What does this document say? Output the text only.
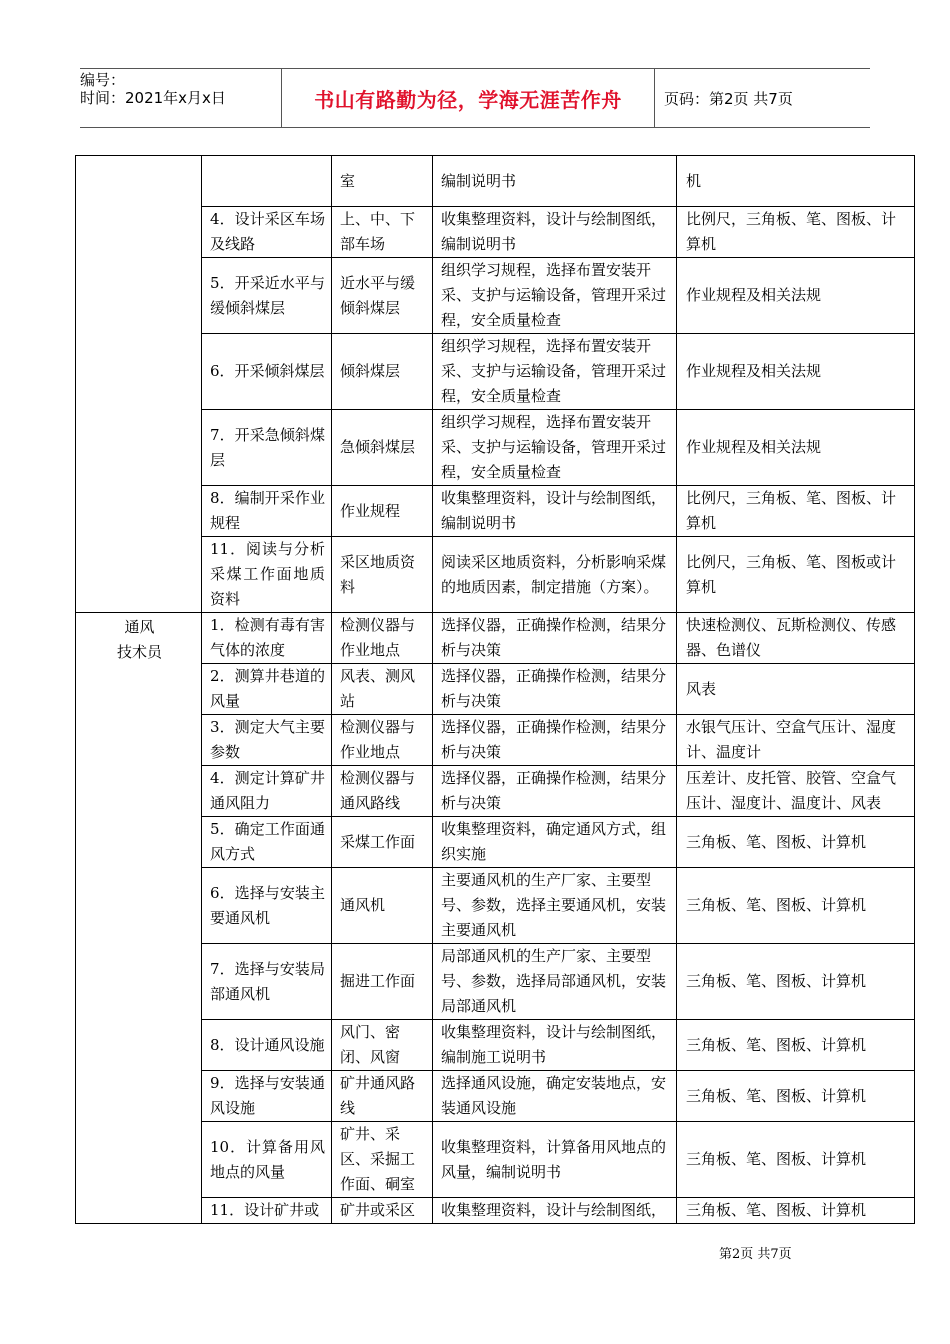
编号：
时间：2021年x月x日	书山有路勤为径，学海无涯苦作舟	页码：第2页 共7页

		室	编制说明书	机

	4．设计采区车场及线路	上、中、下部车场	收集整理资料，设计与绘制图纸，编制说明书	比例尺，三角板、笔、图板、计算机

	5．开采近水平与缓倾斜煤层	近水平与缓倾斜煤层	组织学习规程，选择布置安装开采、支护与运输设备，管理开采过程，安全质量检查	作业规程及相关法规

	6．开采倾斜煤层	倾斜煤层	组织学习规程，选择布置安装开采、支护与运输设备，管理开采过程，安全质量检查	作业规程及相关法规

	7．开采急倾斜煤层	急倾斜煤层	组织学习规程，选择布置安装开采、支护与运输设备，管理开采过程，安全质量检查	作业规程及相关法规

	8．编制开采作业规程	作业规程	收集整理资料，设计与绘制图纸，编制说明书	比例尺，三角板、笔、图板、计算机

	11．阅读与分析采煤工作面地质资料	采区地质资料	阅读采区地质资料，分析影响采煤的地质因素，制定措施（方案）。	比例尺，三角板、笔、图板或计算机

通风
技术员	1．检测有毒有害气体的浓度	检测仪器与作业地点	选择仪器，正确操作检测，结果分析与决策	快速检测仪、瓦斯检测仪、传感器、色谱仪

	2．测算井巷道的风量	风表、测风站	选择仪器，正确操作检测，结果分析与决策	风表

	3．测定大气主要参数	检测仪器与作业地点	选择仪器，正确操作检测，结果分析与决策	水银气压计、空盒气压计、湿度计、温度计

	4．测定计算矿井通风阻力	检测仪器与通风路线	选择仪器，正确操作检测，结果分析与决策	压差计、皮托管、胶管、空盒气压计、湿度计、温度计、风表

	5．确定工作面通风方式	采煤工作面	收集整理资料，确定通风方式，组织实施	三角板、笔、图板、计算机

	6．选择与安装主要通风机	通风机	主要通风机的生产厂家、主要型号、参数，选择主要通风机，安装主要通风机	三角板、笔、图板、计算机

	7．选择与安装局部通风机	掘进工作面	局部通风机的生产厂家、主要型号、参数，选择局部通风机，安装局部通风机	三角板、笔、图板、计算机

	8．设计通风设施	风门、密闭、风窗	收集整理资料，设计与绘制图纸，编制施工说明书	三角板、笔、图板、计算机

	9．选择与安装通风设施	矿井通风路线	选择通风设施，确定安装地点，安装通风设施	三角板、笔、图板、计算机

	10．计算备用风地点的风量	矿井、采区、采掘工作面、硐室	收集整理资料，计算备用风地点的风量，编制说明书	三角板、笔、图板、计算机

	11．设计矿井或	矿井或采区	收集整理资料，设计与绘制图纸，	三角板、笔、图板、计算机
第2页 共7页
